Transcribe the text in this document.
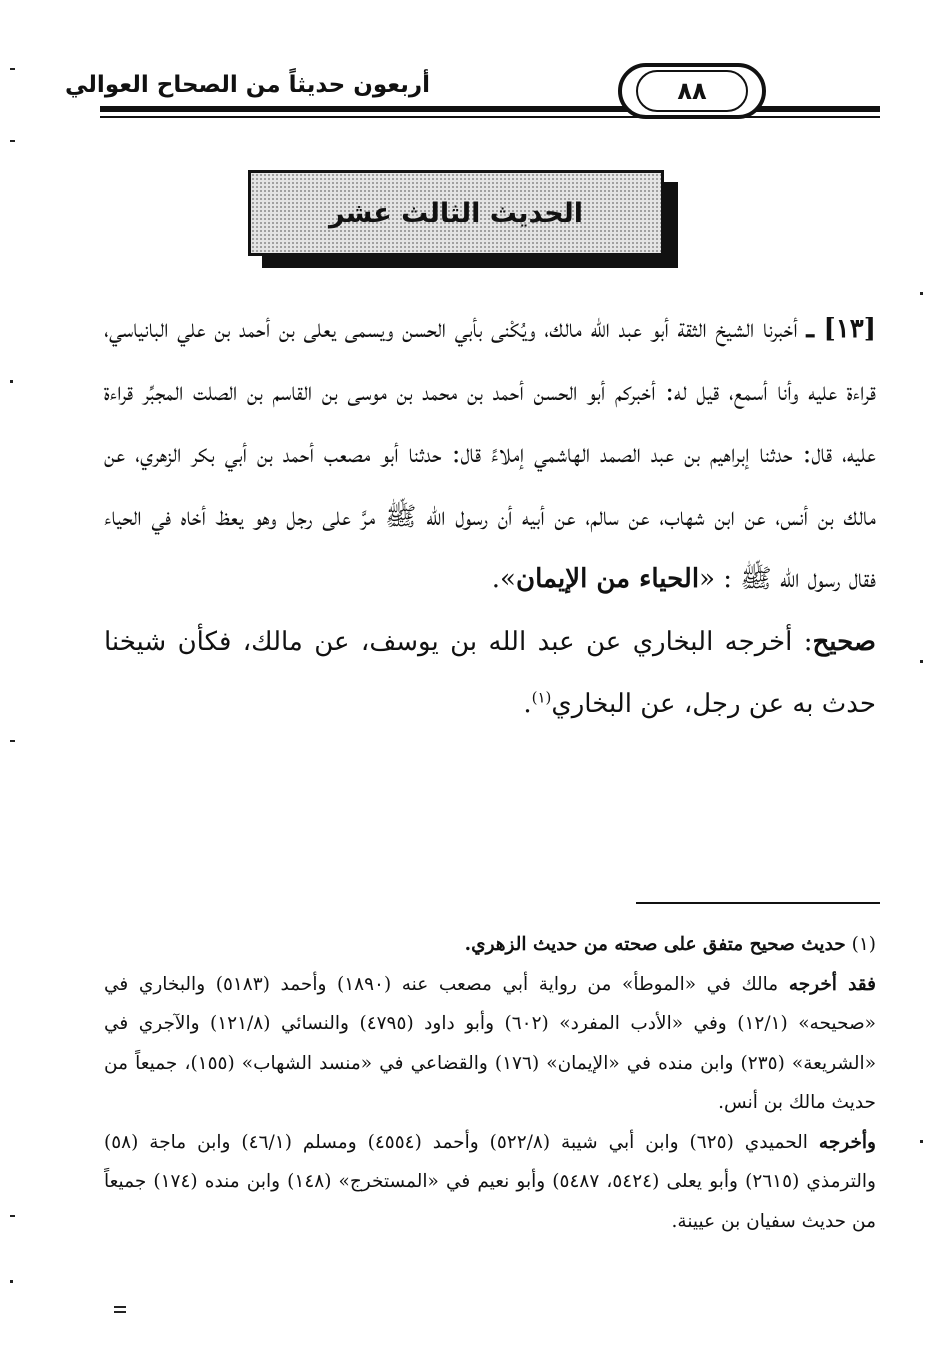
أربعون حديثاً من الصحاح العوالي	٨٨
الحديث الثالث عشر

[١٣] ـ أخبرنا الشيخ الثقة أبو عبد الله مالك، ويُكْنى بأبي الحسن ويسمى يعلى بن أحمد بن علي البانياسي، قراءة عليه وأنا أسمع، قيل له: أخبركم أبو الحسن أحمد بن محمد بن موسى بن القاسم بن الصلت المجبِّر قراءة عليه، قال: حدثنا إبراهيم بن عبد الصمد الهاشمي إملاءً قال: حدثنا أبو مصعب أحمد بن أبي بكر الزهري، عن مالك بن أنس، عن ابن شهاب، عن سالم، عن أبيه أن رسول الله ﷺ مرَّ على رجل وهو يعظ أخاه في الحياء فقال رسول الله ﷺ : «الحياء من الإيمان».

صحيح: أخرجه البخاري عن عبد الله بن يوسف، عن مالك، فكأن شيخنا حدث به عن رجل، عن البخاري$^{(١)}$.

(١) حديث صحيح متفق على صحته من حديث الزهري.

فقد أخرجه مالك في «الموطأ» من رواية أبي مصعب عنه (١٨٩٠) وأحمد (٥١٨٣) والبخاري في «صحيحه» (١٢/١) وفي «الأدب المفرد» (٦٠٢) وأبو داود (٤٧٩٥) والنسائي (١٢١/٨) والآجري في «الشريعة» (٢٣٥) وابن منده في «الإيمان» (١٧٦) والقضاعي في «منسد الشهاب» (١٥٥)، جميعاً من حديث مالك بن أنس.

وأخرجه الحميدي (٦٢٥) وابن أبي شيبة (٥٢٢/٨) وأحمد (٤٥٥٤) ومسلم (٤٦/١) وابن ماجة (٥٨) والترمذي (٢٦١٥) وأبو يعلى (٥٤٢٤، ٥٤٨٧) وأبو نعيم في «المستخرج» (١٤٨) وابن منده (١٧٤) جميعاً من حديث سفيان بن عيينة.
